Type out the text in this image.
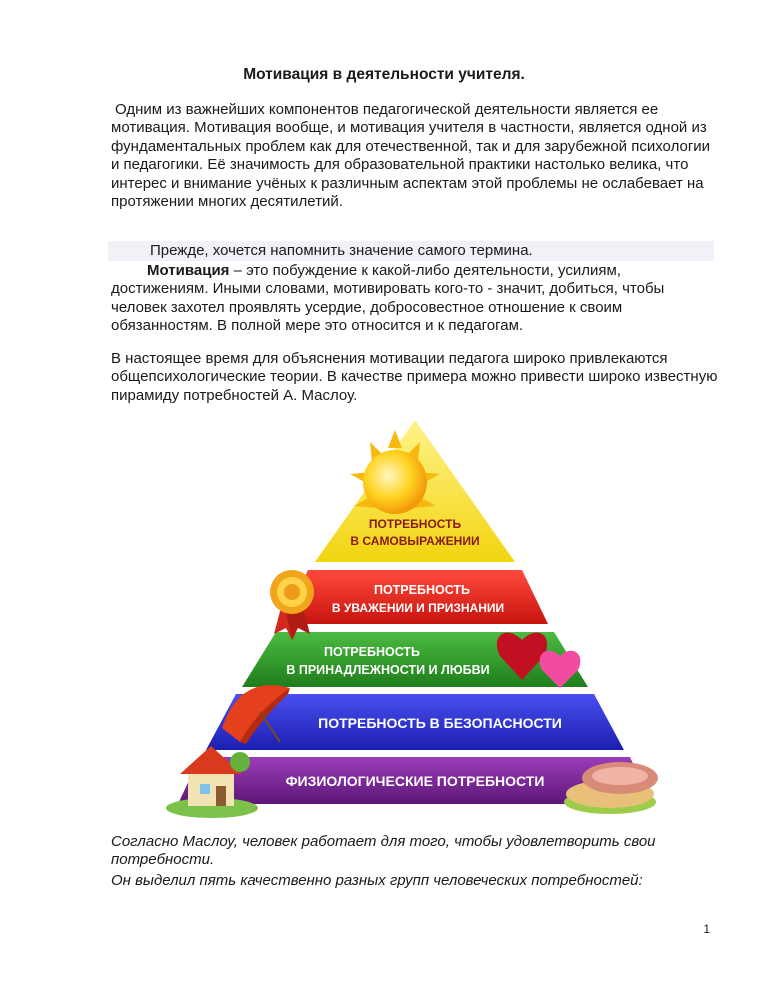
Мотивация в деятельности учителя.

Одним из важнейших компонентов педагогической деятельности является ее мотивация. Мотивация вообще, и мотивация учителя в частности, является одной из фундаментальных проблем как для отечественной, так и для зарубежной психологии и педагогики. Её значимость для образовательной практики настолько велика, что интерес и внимание учёных к различным аспектам этой проблемы не ослабевает на протяжении многих десятилетий.

Прежде, хочется напомнить значение самого термина.

Мотивация – это побуждение к какой-либо деятельности, усилиям, достижениям. Иными словами, мотивировать кого-то - значит, добиться, чтобы человек захотел проявлять усердие, добросовестное отношение к своим обязанностям. В полной мере это относится и к педагогам.

В настоящее время для объяснения мотивации педагога широко привлекаются общепсихологические теории. В качестве примера можно привести широко известную пирамиду потребностей А. Маслоу.

ПОТРЕБНОСТЬ
В САМОВЫРАЖЕНИИ
ПОТРЕБНОСТЬ
В УВАЖЕНИИ И ПРИЗНАНИИ
ПОТРЕБНОСТЬ
В ПРИНАДЛЕЖНОСТИ И ЛЮБВИ
ПОТРЕБНОСТЬ В БЕЗОПАСНОСТИ
ФИЗИОЛОГИЧЕСКИЕ ПОТРЕБНОСТИ

Согласно Маслоу, человек работает для того, чтобы удовлетворить свои потребности.

Он выделил пять качественно разных групп человеческих потребностей:

1
